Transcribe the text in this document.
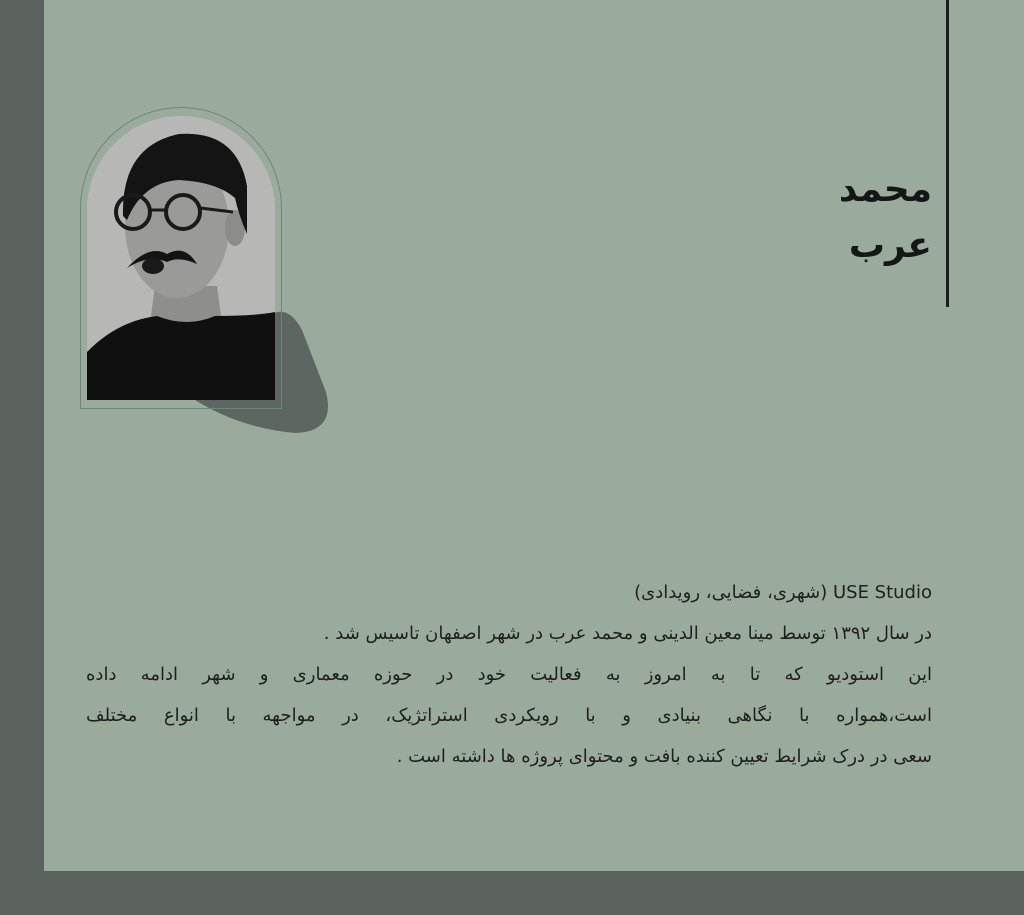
محمد
عرب
USE Studio (شهری، فضایی، رویدادی)
در سال ۱۳۹۲ توسط مینا معین الدینی و محمد عرب در شهر اصفهان تاسیس شد .
این استودیو که تا به امروز به فعالیت خود در حوزه معماری و شهر ادامه داده
است،همواره با نگاهی بنیادی و با رویکردی استراتژیک، در مواجهه با انواع مختلف
سعی در درک شرایط تعیین کننده بافت و محتوای پروژه ها داشته است .
